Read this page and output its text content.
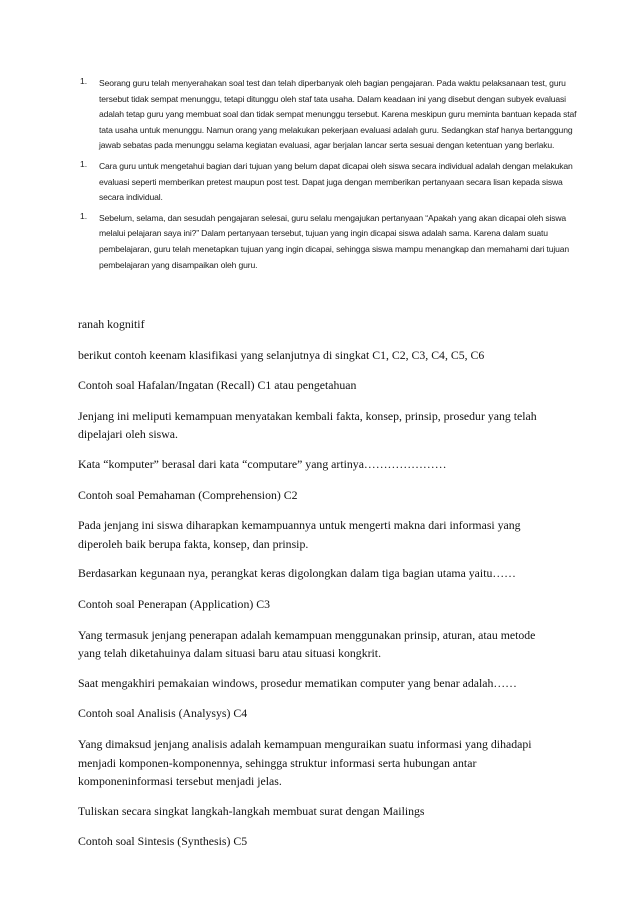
1. Seorang guru telah menyerahakan soal test dan telah diperbanyak oleh bagian pengajaran. Pada waktu pelaksanaan test, guru tersebut tidak sempat menunggu, tetapi ditunggu oleh staf tata usaha. Dalam keadaan ini yang disebut dengan subyek evaluasi adalah tetap guru yang membuat soal dan tidak sempat menunggu tersebut. Karena meskipun guru meminta bantuan kepada staf tata usaha untuk menunggu. Namun orang yang melakukan pekerjaan evaluasi adalah guru. Sedangkan staf hanya bertanggung jawab sebatas pada menunggu selama kegiatan evaluasi, agar berjalan lancar serta sesuai dengan ketentuan yang berlaku.
1. Cara guru untuk mengetahui bagian dari tujuan yang belum dapat dicapai oleh siswa secara individual adalah dengan melakukan evaluasi seperti memberikan pretest maupun post test. Dapat juga dengan memberikan pertanyaan secara lisan kepada siswa secara individual.
1. Sebelum, selama, dan sesudah pengajaran selesai, guru selalu mengajukan pertanyaan “Apakah yang akan dicapai oleh siswa melalui pelajaran saya ini?” Dalam pertanyaan tersebut, tujuan yang ingin dicapai siswa adalah sama. Karena dalam suatu pembelajaran, guru telah menetapkan tujuan yang ingin dicapai, sehingga siswa mampu menangkap dan memahami dari tujuan pembelajaran yang disampaikan oleh guru.

ranah kognitif

berikut contoh keenam klasifikasi yang selanjutnya di singkat C1, C2, C3, C4, C5, C6

Contoh soal Hafalan/Ingatan (Recall) C1 atau pengetahuan

Jenjang ini meliputi kemampuan menyatakan kembali fakta, konsep, prinsip, prosedur yang telah dipelajari oleh siswa.

Kata “komputer” berasal dari kata “computare” yang artinya…………………

Contoh soal Pemahaman (Comprehension) C2

Pada jenjang ini siswa diharapkan kemampuannya untuk mengerti makna dari informasi yang diperoleh baik berupa fakta, konsep, dan prinsip.

Berdasarkan kegunaan nya, perangkat keras digolongkan dalam tiga bagian utama yaitu……

Contoh soal Penerapan (Application) C3

Yang termasuk jenjang penerapan adalah kemampuan menggunakan prinsip, aturan, atau metode yang telah diketahuinya dalam situasi baru atau situasi kongkrit.

Saat mengakhiri pemakaian windows, prosedur mematikan computer yang benar adalah……

Contoh soal Analisis (Analysys) C4

Yang dimaksud jenjang analisis adalah kemampuan menguraikan suatu informasi yang dihadapi menjadi komponen-komponennya, sehingga struktur informasi serta hubungan antar komponeninformasi tersebut menjadi jelas.

Tuliskan secara singkat langkah-langkah membuat surat dengan Mailings

Contoh soal Sintesis (Synthesis) C5
